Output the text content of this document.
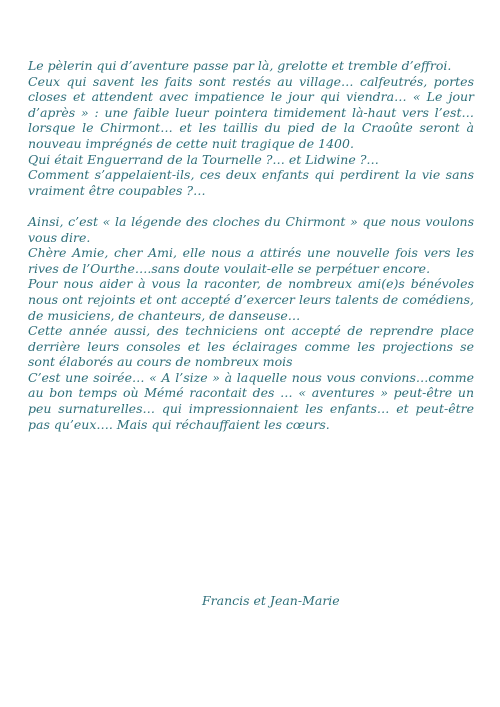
Le pèlerin qui d’aventure passe par là, grelotte et tremble d’effroi.

Ceux qui savent les faits sont restés au village… calfeutrés, portes closes et attendent avec impatience le jour qui viendra… « Le jour d’après » : une faible lueur pointera timidement là-haut vers l’est… lorsque le Chirmont… et les taillis du pied de la Craoûte seront à nouveau imprégnés de cette nuit tragique de 1400.

Qui était Enguerrand de la Tournelle ?… et Lidwine ?…

Comment s’appelaient-ils, ces deux enfants qui perdirent la vie sans vraiment être coupables ?…

Ainsi, c’est « la légende des cloches du Chirmont » que nous voulons vous dire.

Chère Amie, cher Ami, elle nous a attirés une nouvelle fois vers les rives de l’Ourthe….sans doute voulait-elle se perpétuer encore.

Pour nous aider à vous la raconter, de nombreux ami(e)s bénévoles nous ont rejoints et ont accepté d’exercer leurs talents de comédiens, de musiciens, de chanteurs, de danseuse…

Cette année aussi, des techniciens ont accepté de reprendre place derrière leurs consoles et les éclairages comme les projections se sont élaborés au cours de nombreux mois

C’est une soirée… « A l’size » à laquelle nous vous convions…comme au bon temps où Mémé racontait des … « aventures » peut-être un peu surnaturelles… qui impressionnaient les enfants… et peut-être pas qu’eux…. Mais qui réchauffaient les cœurs.

Francis et Jean-Marie
